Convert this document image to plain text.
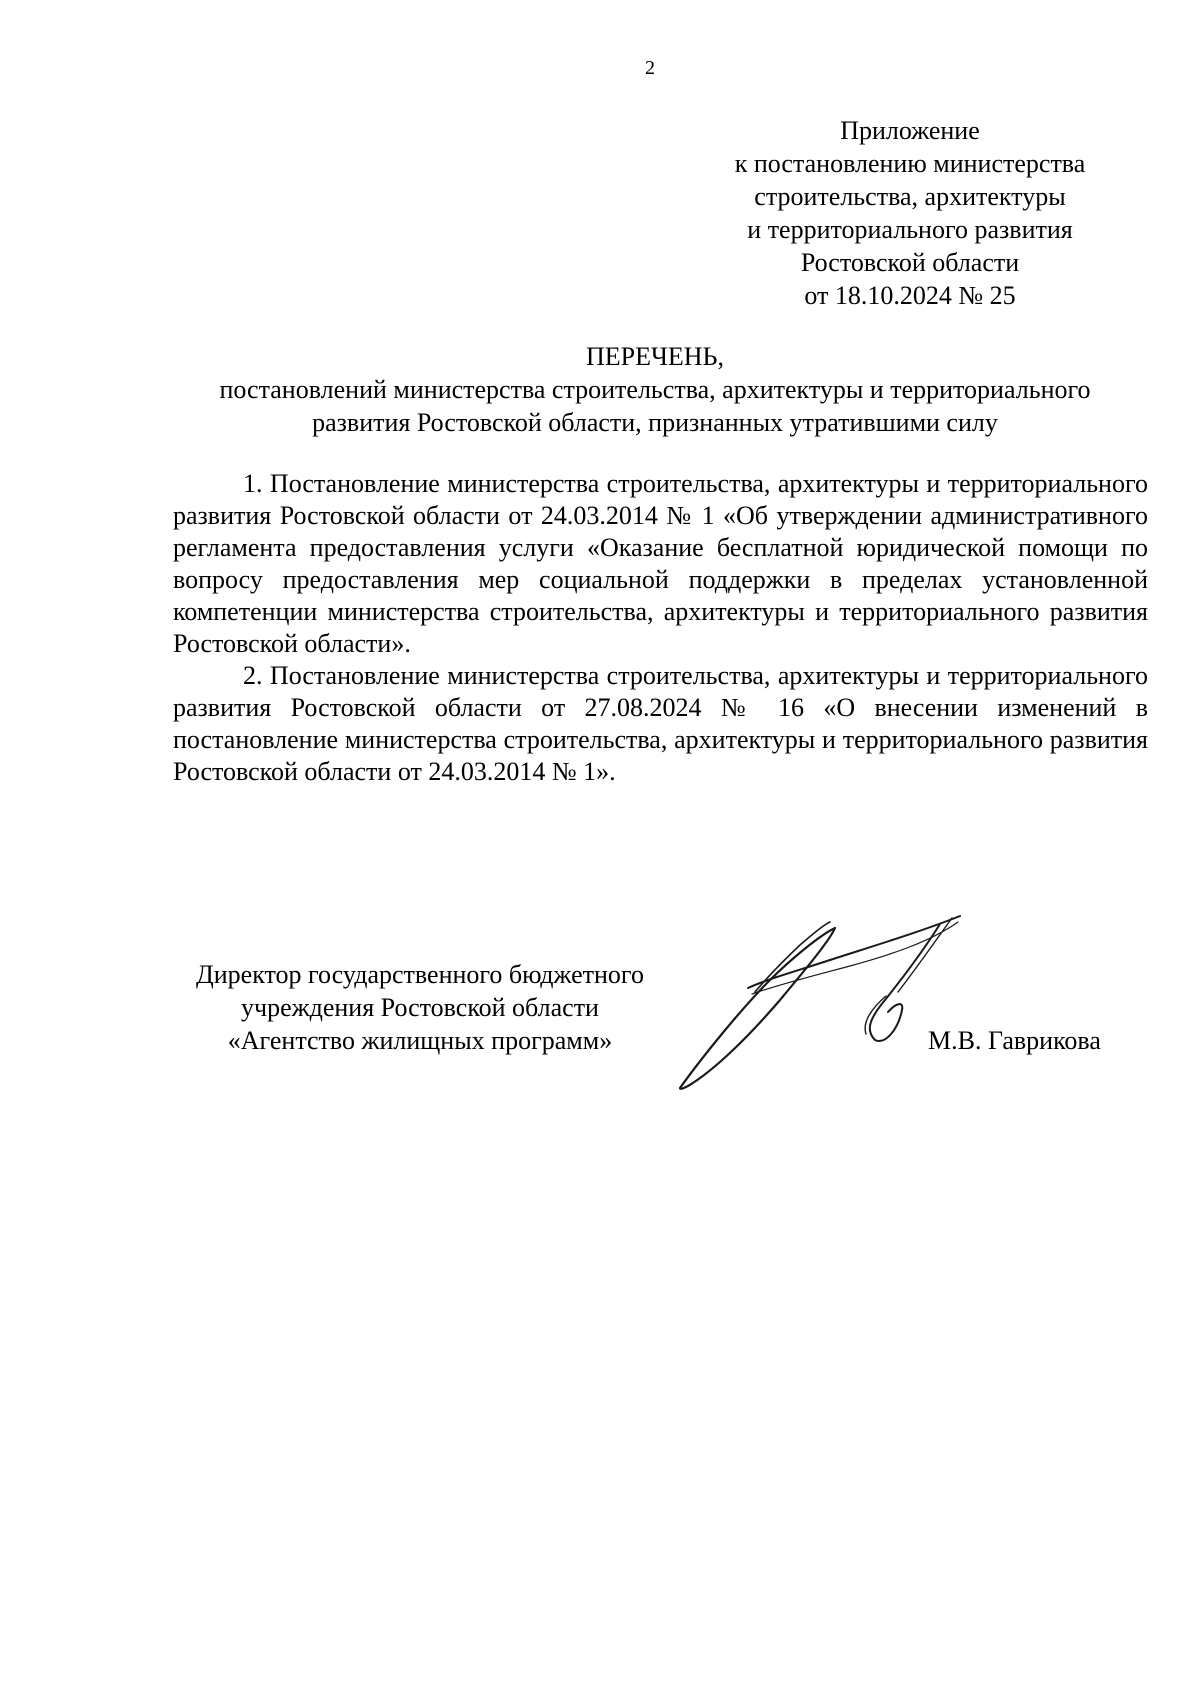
2
Приложение
к постановлению министерства
строительства, архитектуры
и территориального развития
Ростовской области
от 18.10.2024 № 25
ПЕРЕЧЕНЬ,
постановлений министерства строительства, архитектуры и территориального
развития Ростовской области, признанных утратившими силу

1. Постановление министерства строительства, архитектуры и территориального развития Ростовской области от 24.03.2014 № 1 «Об утверждении административного регламента предоставления услуги «Оказание бесплатной юридической помощи по вопросу предоставления мер социальной поддержки в пределах установленной компетенции министерства строительства, архитектуры и территориального развития Ростовской области».

2. Постановление министерства строительства, архитектуры и территориального развития Ростовской области от 27.08.2024 № 16 «О внесении изменений в постановление министерства строительства, архитектуры и территориального развития Ростовской области от 24.03.2014 № 1».

Директор государственного бюджетного
учреждения Ростовской области
«Агентство жилищных программ»	М.В. Гаврикова
